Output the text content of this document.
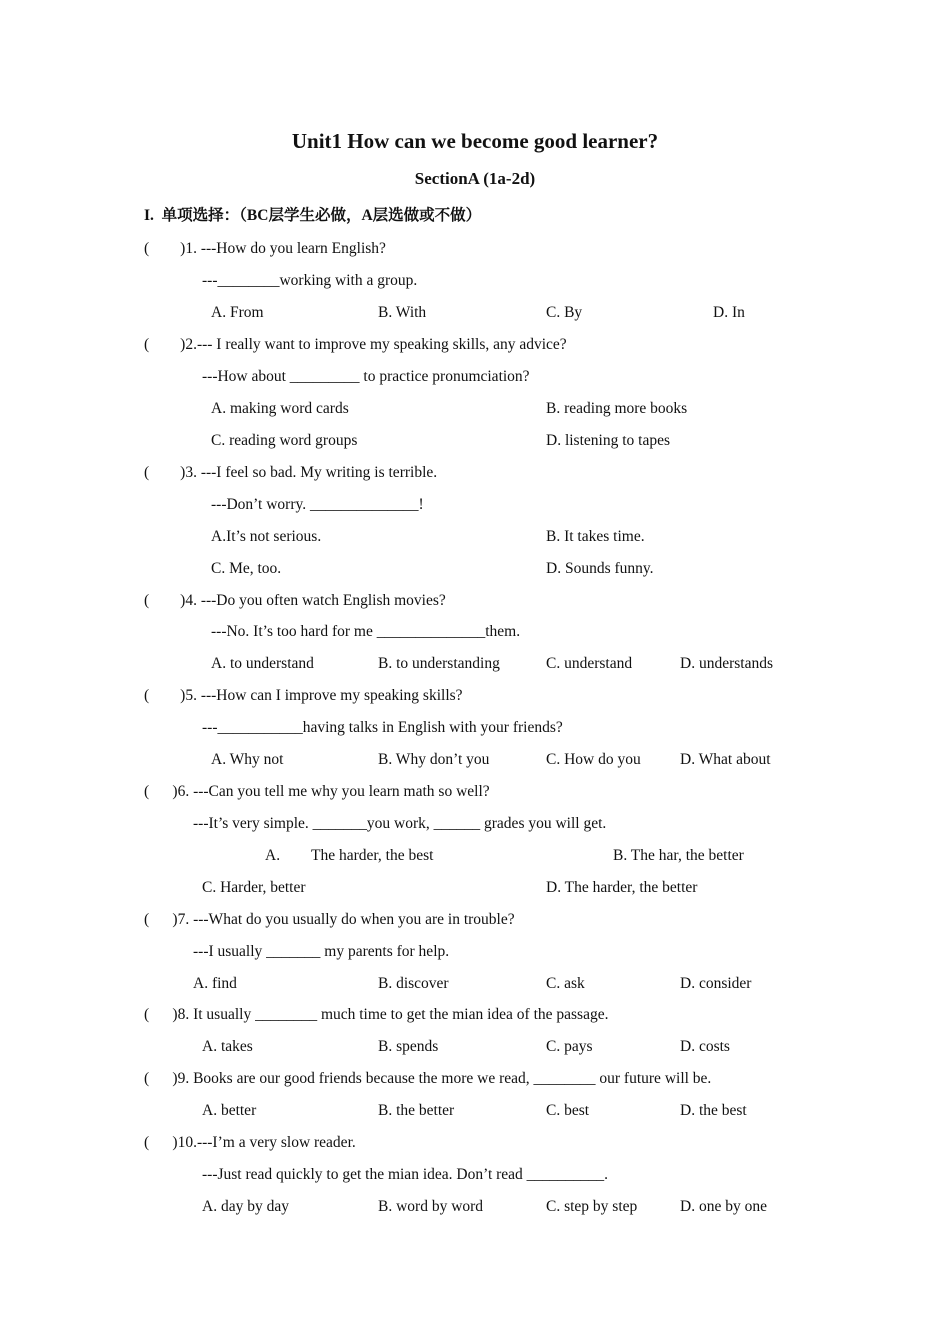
Unit1 How can we become good learner?
SectionA (1a-2d)
I.  单项选择：（BC层学生必做，A层选做或不做）
(        )1. ---How do you learn English?
---________working with a group.
A. From	B. With	C. By	D. In
(        )2.--- I really want to improve my speaking skills, any advice?
---How about _________ to practice pronumciation?
A. making word cards	B. reading more books
C. reading word groups	D. listening to tapes
(        )3. ---I feel so bad. My writing is terrible.
---Don’t worry. ______________!
A.It’s not serious.	B. It takes time.
C. Me, too.	D. Sounds funny.
(        )4. ---Do you often watch English movies?
---No. It’s too hard for me ______________them.
A. to understand	B. to understanding	C. understand	D. understands
(        )5. ---How can I improve my speaking skills?
---___________having talks in English with your friends?
A. Why not	B. Why don’t you	C. How do you	D. What about
(      )6. ---Can you tell me why you learn math so well?
---It’s very simple. _______you work, ______ grades you will get.
A. The harder, the best	B. The har, the better
C. Harder, better	D. The harder, the better
(      )7. ---What do you usually do when you are in trouble?
---I usually _______ my parents for help.
A. find	B. discover	C. ask	D. consider
(      )8. It usually ________ much time to get the mian idea of the passage.
A. takes	B. spends	C. pays	D. costs
(      )9. Books are our good friends because the more we read, ________ our future will be.
A. better	B. the better	C. best	D. the best
(      )10.---I’m a very slow reader.
---Just read quickly to get the mian idea. Don’t read __________.
A. day by day	B. word by word	C. step by step	D. one by one
